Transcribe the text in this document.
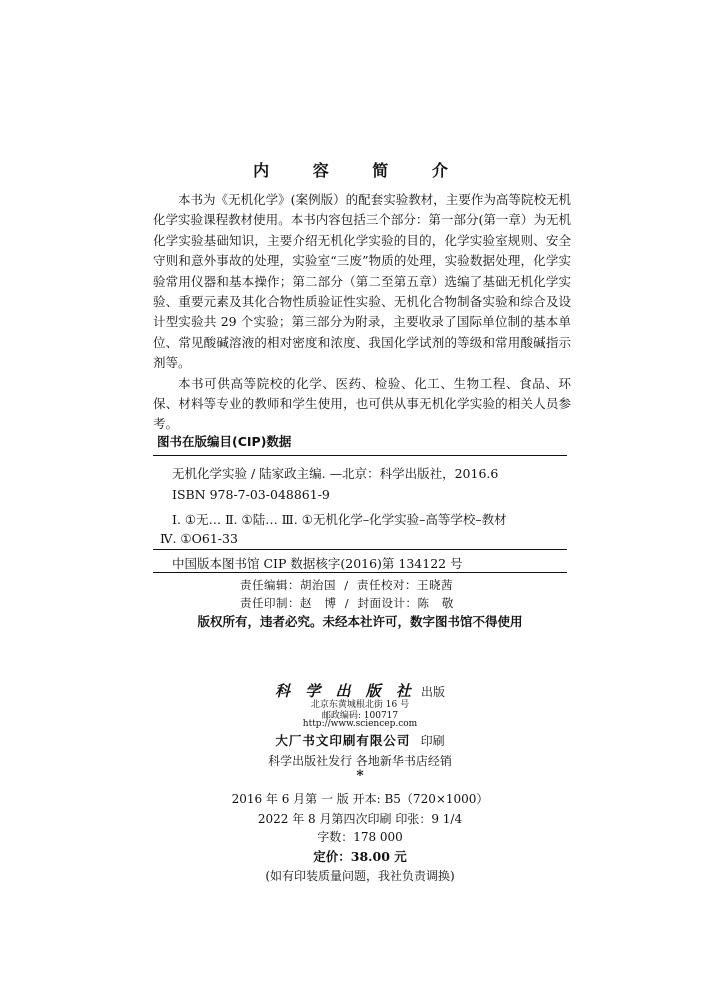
内 容 简 介

本书为《无机化学》(案例版）的配套实验教材，主要作为高等院校无机化学实验课程教材使用。本书内容包括三个部分：第一部分(第一章）为无机化学实验基础知识，主要介绍无机化学实验的目的，化学实验室规则、安全守则和意外事故的处理，实验室“三废”物质的处理，实验数据处理，化学实验常用仪器和基本操作；第二部分（第二至第五章）选编了基础无机化学实验、重要元素及其化合物性质验证性实验、无机化合物制备实验和综合及设计型实验共 29 个实验；第三部分为附录，主要收录了国际单位制的基本单位、常见酸碱溶液的相对密度和浓度、我国化学试剂的等级和常用酸碱指示剂等。

本书可供高等院校的化学、医药、检验、化工、生物工程、食品、环保、材料等专业的教师和学生使用，也可供从事无机化学实验的相关人员参考。

图书在版编目(CIP)数据
无机化学实验 / 陆家政主编. —北京：科学出版社，2016.6
ISBN 978-7-03-048861-9
Ⅰ. ①无… Ⅱ. ①陆… Ⅲ. ①无机化学–化学实验–高等学校–教材
Ⅳ. ①O61-33
中国版本图书馆 CIP 数据核字(2016)第 134122 号
责任编辑：胡治国  /  责任校对：王晓茜
责任印制：赵   博  /  封面设计：陈   敬
版权所有，违者必究。未经本社许可，数字图书馆不得使用
科 学 出 版 社 出版
北京东黄城根北街 16 号
邮政编码: 100717
http://www.sciencep.com
大厂书文印刷有限公司 印刷
科学出版社发行 各地新华书店经销
*
2016 年 6 月第 一 版 开本: B5（720×1000）
2022 年 8 月第四次印刷 印张：9 1/4
字数：178 000
定价：38.00 元
(如有印装质量问题，我社负责调换)
